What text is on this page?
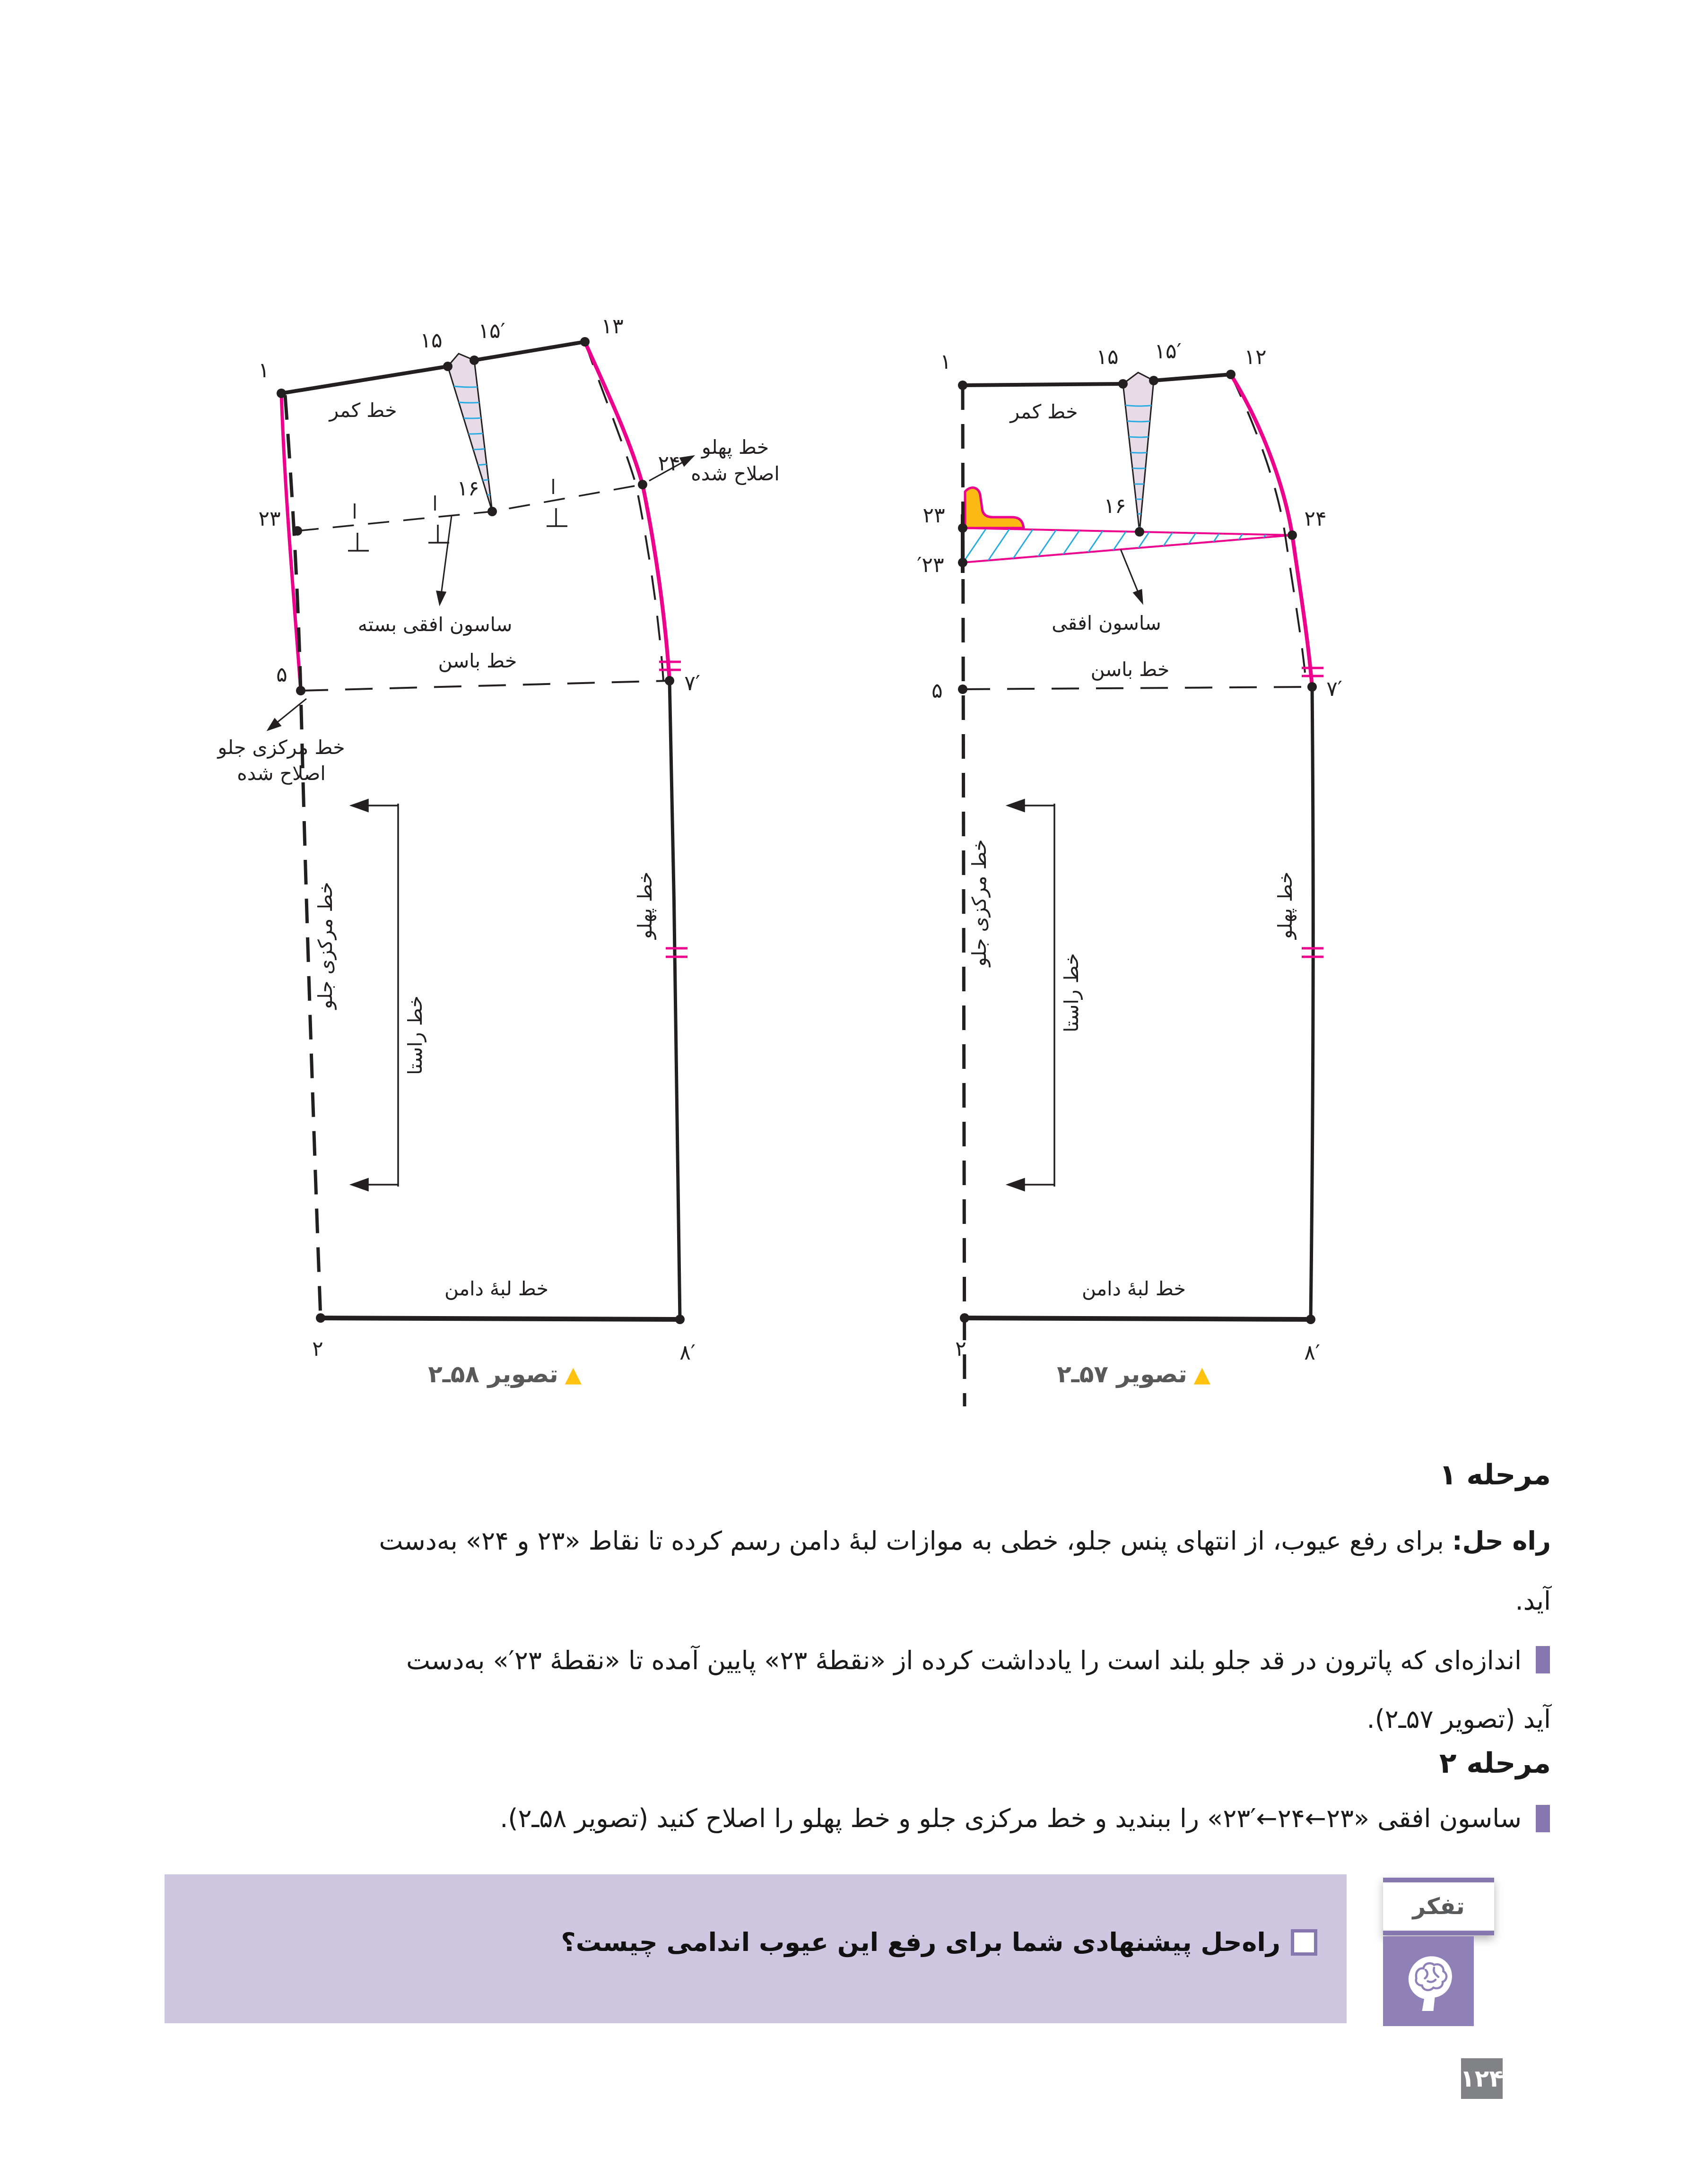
۱
۱۵ ۱۵′	۱۳
۲۳
۱۶
۲۴
۵	۷′
۲	۸′
خط کمر
خط باسن
خط لبهٔ دامن
ساسون افقی بسته
خط پهلو
اصلاح شده
خط مرکزی جلو
اصلاح شده
خط مرکزی جلو
خط راستا
خط پهلو
۱	۱۵ ۱۵′	۱۲
۲۳
′۲۳
۱۶
۲۴
۵	۷′
۲	۸′
خط کمر
خط باسن
خط لبهٔ دامن
ساسون افقی
خط مرکزی جلو
خط راستا
خط پهلو
▲
تصویر ۵۸ـ۲	▲
تصویر ۵۷ـ۲
مرحله ۱
راه حل: برای رفع عیوب، از انتهای پنس جلو، خطی به موازات لبهٔ دامن رسم کرده تا نقاط «۲۳ و ۲۴» به‌دست
آید.
اندازه‌ای که پاترون در قد جلو بلند است را یادداشت کرده از «نقطهٔ ۲۳» پایین آمده تا «نقطهٔ ۲۳′» به‌دست
آید (تصویر ۵۷ـ۲).
مرحله ۲
ساسون افقی ‪«۲۳′←۲۴←۲۳»‬ را ببندید و خط مرکزی جلو و خط پهلو را اصلاح کنید (تصویر ۵۸ـ۲).
راه‌حل پیشنهادی شما برای رفع این عیوب اندامی چیست؟
تفکر
۱۲۴
